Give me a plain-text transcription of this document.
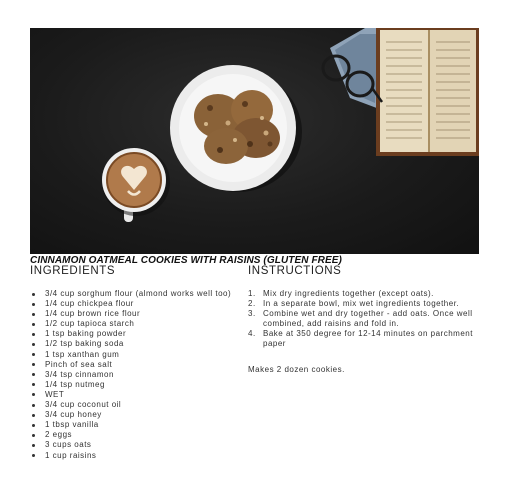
CINNAMON OATMEAL COOKIES WITH RAISINS (GLUTEN FREE)
INGREDIENTS	INSTRUCTIONS
3/4 cup sorghum flour (almond works well too)
1/4 cup chickpea flour
1/4 cup brown rice flour
1/2 cup tapioca starch
1 tsp baking powder
1/2 tsp baking soda
1 tsp xanthan gum
Pinch of sea salt
3/4 tsp cinnamon
1/4 tsp nutmeg
WET
3/4 cup coconut oil
3/4 cup honey
1 tbsp vanilla
2 eggs
3 cups oats
1 cup raisins
1. Mix dry ingredients together (except oats).
2. In a separate bowl, mix wet ingredients together.
3. Combine wet and dry together - add oats. Once well combined, add raisins and fold in.
4. Bake at 350 degree for 12-14 minutes on parchment paper
Makes 2 dozen cookies.
